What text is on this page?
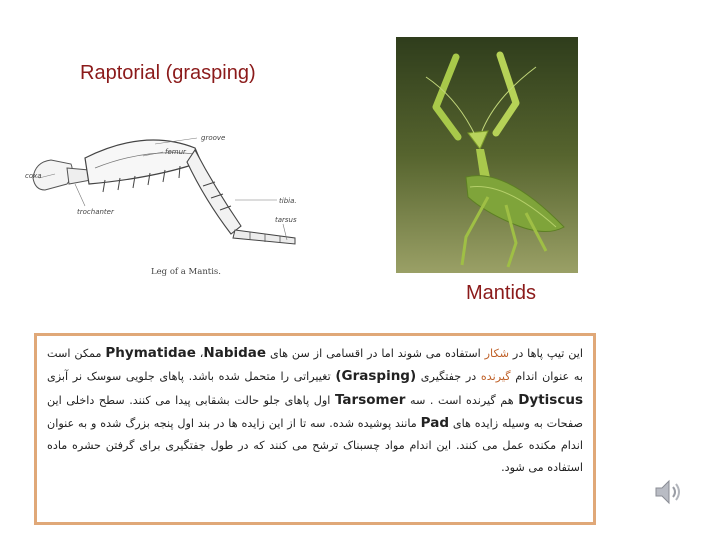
Raptorial (grasping)
groove
femur
coxa
trochanter
tibia.
tarsus
Leg of a Mantis.
Mantids

این تیپ پاها در شکار استفاده می شوند اما در اقسامی از سن های Nabidae، Phymatidae ممکن است به عنوان اندام گیرنده در جفتگیری (Grasping) تغییراتی را متحمل شده باشد. پاهای جلویی سوسک نر آبزی Dytiscus هم گیرنده است . سه Tarsomer اول پاهای جلو حالت بشقابی پیدا می کنند. سطح داخلی این صفحات به وسیله زایده های Pad مانند پوشیده شده. سه تا از این زایده ها در بند اول پنجه بزرگ شده و به عنوان اندام مکنده عمل می کنند. این اندام مواد چسبناک ترشح می کنند که در طول جفتگیری برای گرفتن حشره ماده استفاده می شود.
